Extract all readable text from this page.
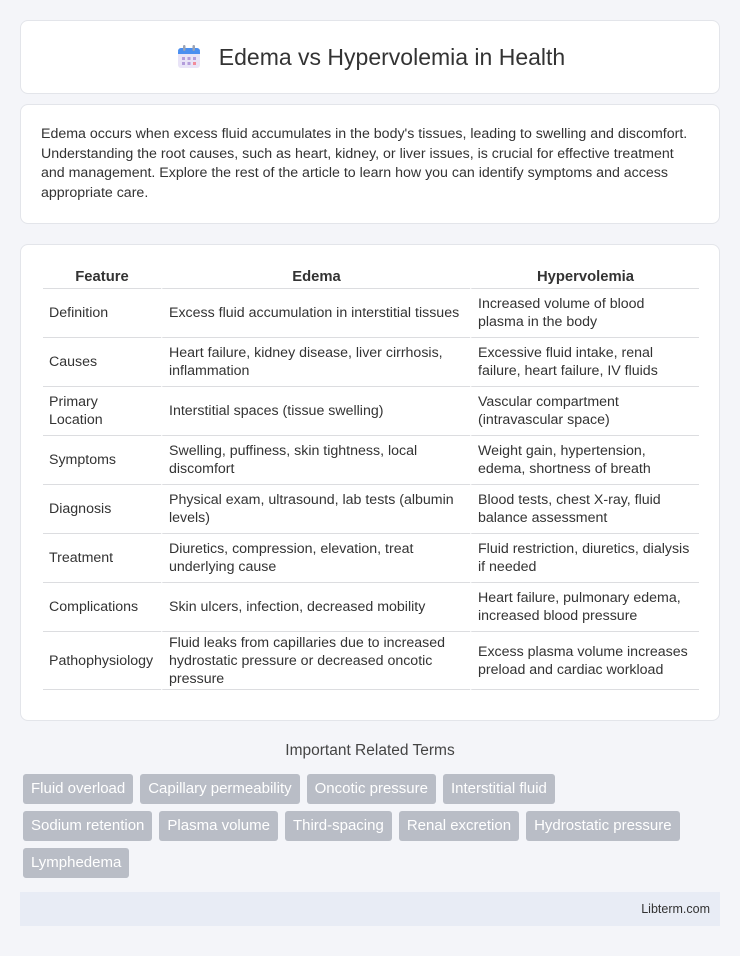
Edema vs Hypervolemia in Health

Edema occurs when excess fluid accumulates in the body's tissues, leading to swelling and discomfort. Understanding the root causes, such as heart, kidney, or liver issues, is crucial for effective treatment and management. Explore the rest of the article to learn how you can identify symptoms and access appropriate care.

Feature	Edema	Hypervolemia
Definition	Excess fluid accumulation in interstitial tissues	Increased volume of blood plasma in the body
Causes	Heart failure, kidney disease, liver cirrhosis, inflammation	Excessive fluid intake, renal failure, heart failure, IV fluids
Primary Location	Interstitial spaces (tissue swelling)	Vascular compartment (intravascular space)
Symptoms	Swelling, puffiness, skin tightness, local discomfort	Weight gain, hypertension, edema, shortness of breath
Diagnosis	Physical exam, ultrasound, lab tests (albumin levels)	Blood tests, chest X-ray, fluid balance assessment
Treatment	Diuretics, compression, elevation, treat underlying cause	Fluid restriction, diuretics, dialysis if needed
Complications	Skin ulcers, infection, decreased mobility	Heart failure, pulmonary edema, increased blood pressure
Pathophysiology	Fluid leaks from capillaries due to increased hydrostatic pressure or decreased oncotic pressure	Excess plasma volume increases preload and cardiac workload
Important Related Terms
Fluid overload	Capillary permeability	Oncotic pressure	Interstitial fluid
Sodium retention	Plasma volume	Third-spacing	Renal excretion	Hydrostatic pressure
Lymphedema
Libterm.com
